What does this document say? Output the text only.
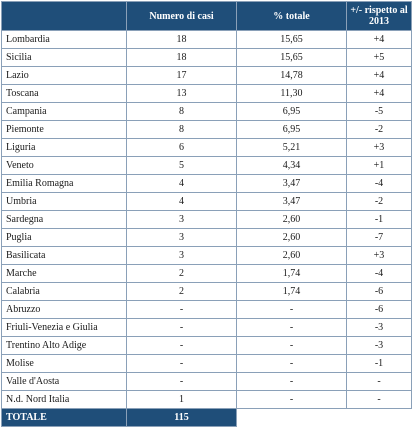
	Numero di casi	% totale	+/- rispetto al 2013
Lombardia	18	15,65	+4
Sicilia	18	15,65	+5
Lazio	17	14,78	+4
Toscana	13	11,30	+4
Campania	8	6,95	-5
Piemonte	8	6,95	-2
Liguria	6	5,21	+3
Veneto	5	4,34	+1
Emilia Romagna	4	3,47	-4
Umbria	4	3,47	-2
Sardegna	3	2,60	-1
Puglia	3	2,60	-7
Basilicata	3	2,60	+3
Marche	2	1,74	-4
Calabria	2	1,74	-6
Abruzzo	-	-	-6
Friuli-Venezia e Giulia	-	-	-3
Trentino Alto Adige	-	-	-3
Molise	-	-	-1
Valle d'Aosta	-	-	-
N.d. Nord Italia	1	-	-
TOTALE	115		
